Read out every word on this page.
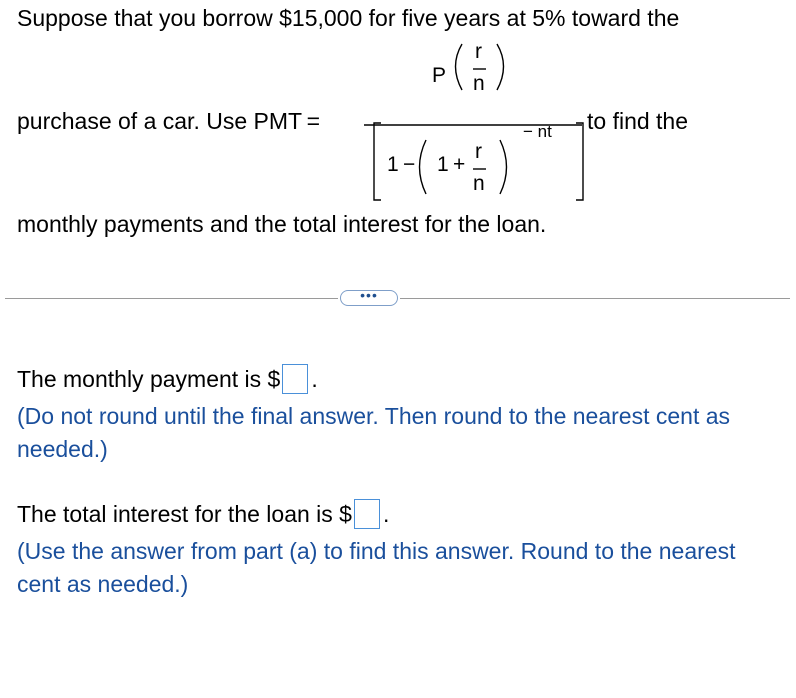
Suppose that you borrow $15,000 for five years at 5% toward the
purchase of a car. Use PMT =	to find the
monthly payments and the total interest for the loan.
P
r
n
1 − 1 +
r
n
− nt
•••
The monthly payment is $ .
(Do not round until the final answer. Then round to the nearest cent as needed.)
The total interest for the loan is $ .
(Use the answer from part (a) to find this answer. Round to the nearest cent as needed.)
